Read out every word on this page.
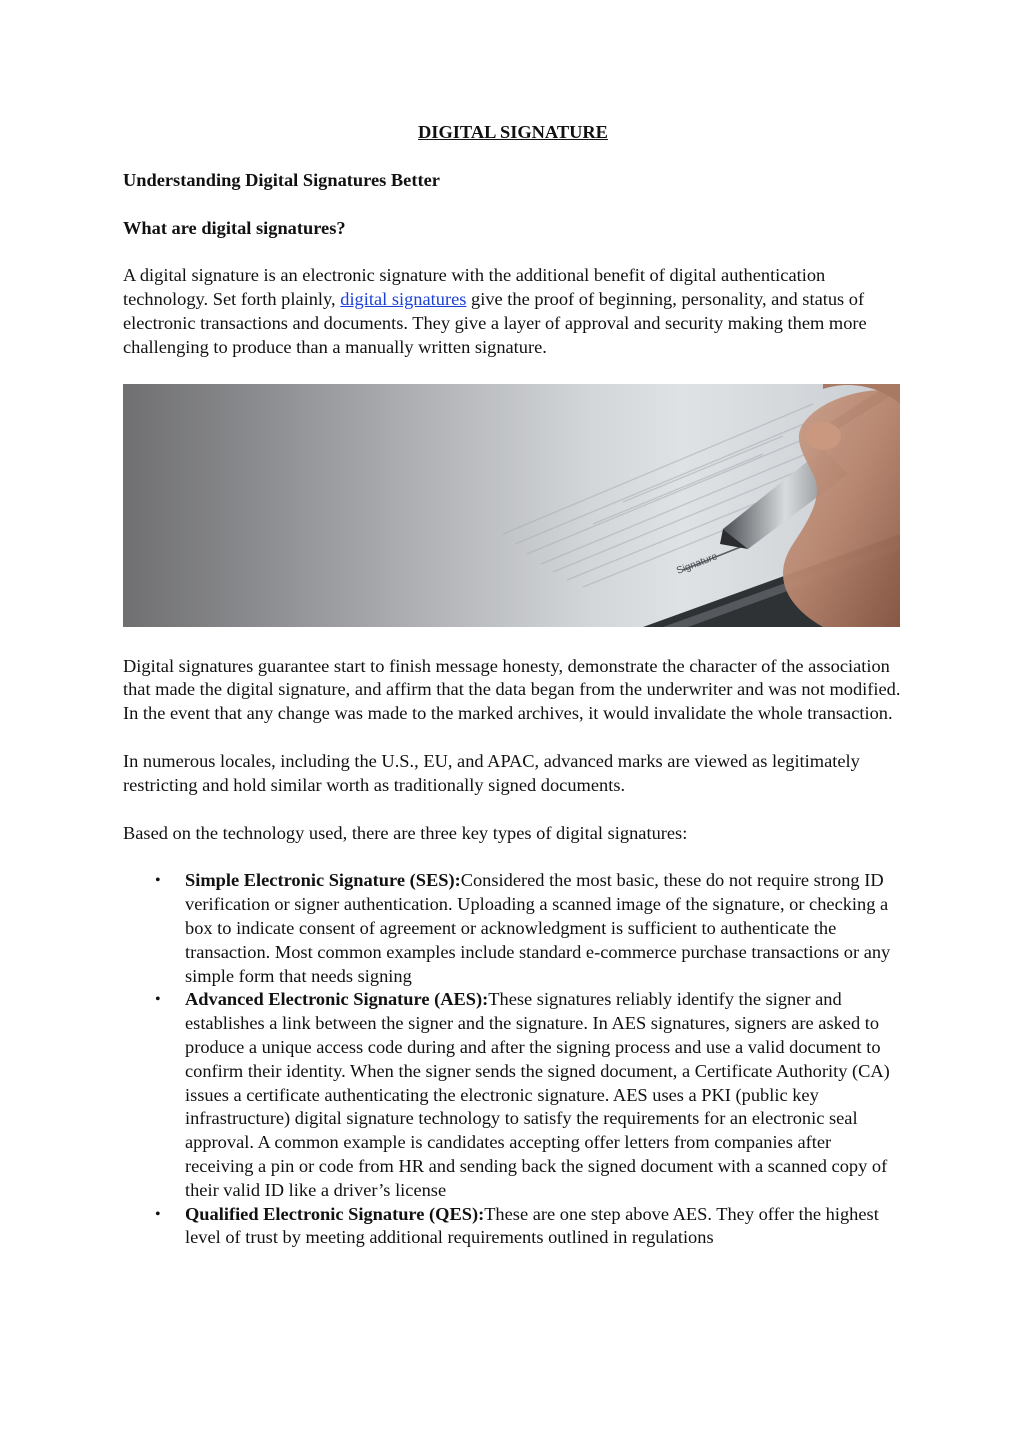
DIGITAL SIGNATURE
Understanding Digital Signatures Better
What are digital signatures?

A digital signature is an electronic signature with the additional benefit of digital authentication technology. Set forth plainly, digital signatures give the proof of beginning, personality, and status of electronic transactions and documents. They give a layer of approval and security making them more challenging to produce than a manually written signature.

Signature

Digital signatures guarantee start to finish message honesty, demonstrate the character of the association that made the digital signature, and affirm that the data began from the underwriter and was not modified. In the event that any change was made to the marked archives, it would invalidate the whole transaction.

In numerous locales, including the U.S., EU, and APAC, advanced marks are viewed as legitimately restricting and hold similar worth as traditionally signed documents.

Based on the technology used, there are three key types of digital signatures:

• Simple Electronic Signature (SES):Considered the most basic, these do not require strong ID verification or signer authentication. Uploading a scanned image of the signature, or checking a box to indicate consent of agreement or acknowledgment is sufficient to authenticate the transaction. Most common examples include standard e-commerce purchase transactions or any simple form that needs signing
• Advanced Electronic Signature (AES):These signatures reliably identify the signer and establishes a link between the signer and the signature. In AES signatures, signers are asked to produce a unique access code during and after the signing process and use a valid document to confirm their identity. When the signer sends the signed document, a Certificate Authority (CA) issues a certificate authenticating the electronic signature. AES uses a PKI (public key infrastructure) digital signature technology to satisfy the requirements for an electronic seal approval. A common example is candidates accepting offer letters from companies after receiving a pin or code from HR and sending back the signed document with a scanned copy of their valid ID like a driver’s license
• Qualified Electronic Signature (QES):These are one step above AES. They offer the highest level of trust by meeting additional requirements outlined in regulations
